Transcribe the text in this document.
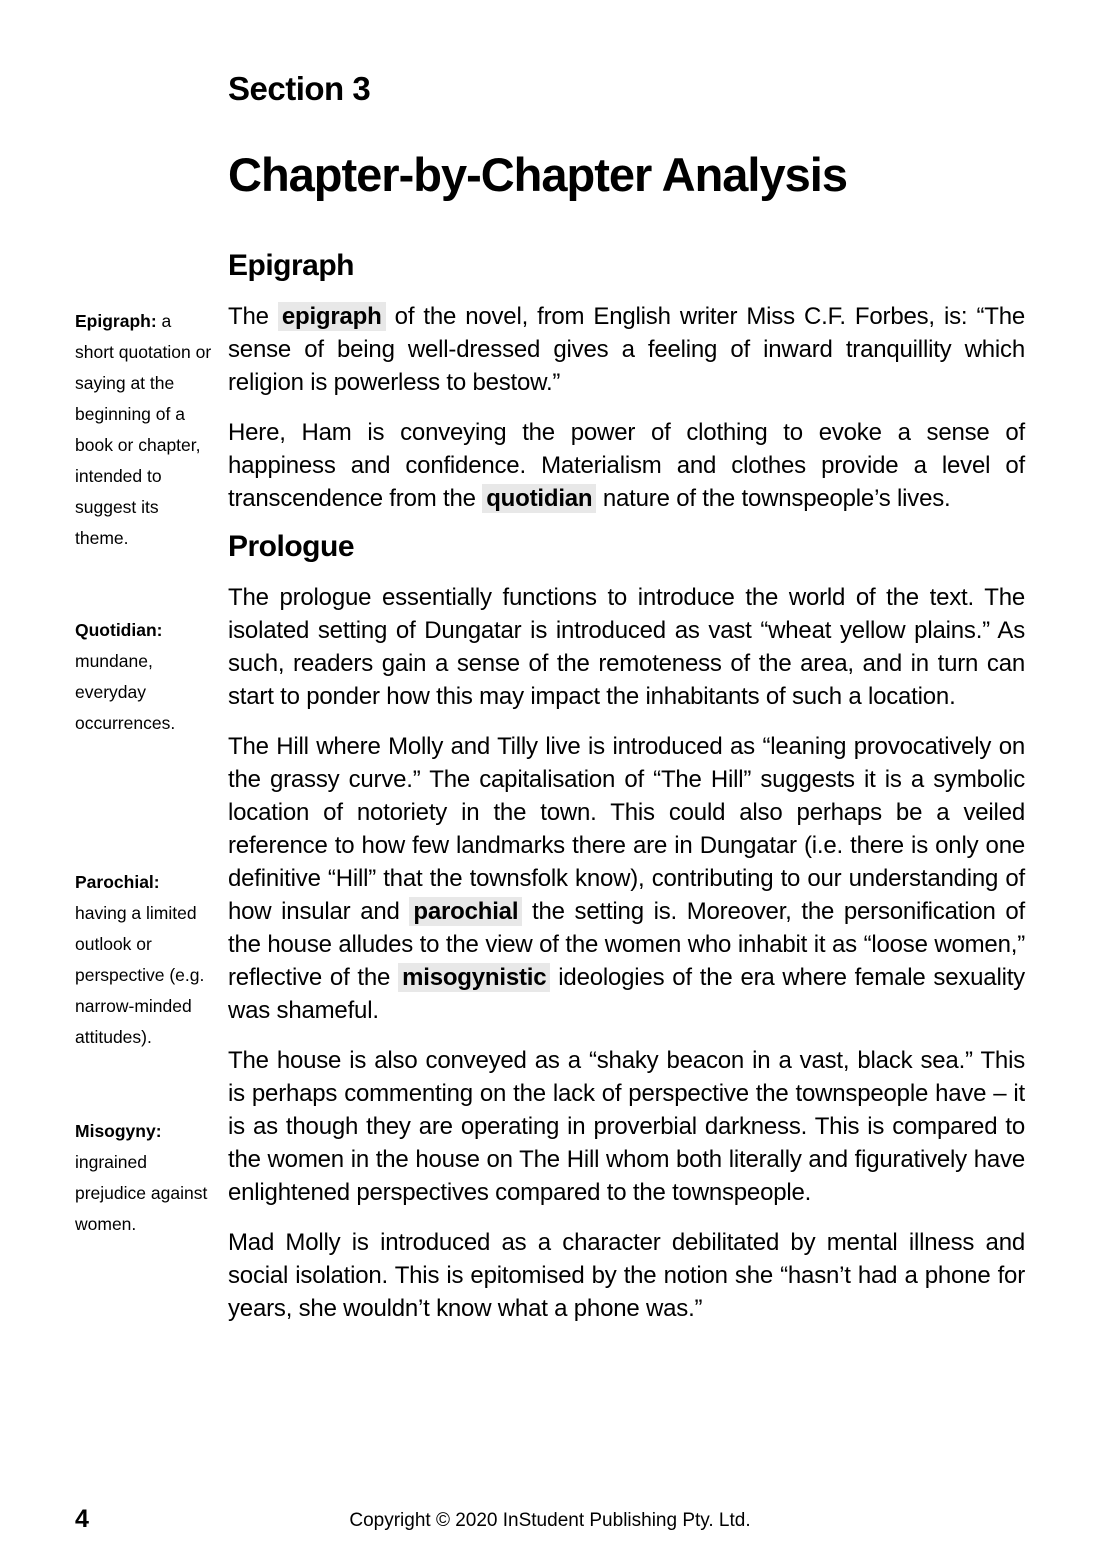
Epigraph: a short quotation or saying at the beginning of a book or chapter, intended to suggest its theme.
Quotidian: mundane, everyday occurrences.
Parochial: having a limited outlook or perspective (e.g. narrow-minded attitudes).
Misogyny: ingrained prejudice against women.
Section 3
Chapter-by-Chapter Analysis
Epigraph

The epigraph of the novel, from English writer Miss C.F. Forbes, is: “The sense of being well-dressed gives a feeling of inward tranquillity which religion is powerless to bestow.”

Here, Ham is conveying the power of clothing to evoke a sense of happiness and confidence. Materialism and clothes provide a level of transcendence from the quotidian nature of the townspeople’s lives.

Prologue

The prologue essentially functions to introduce the world of the text. The isolated setting of Dungatar is introduced as vast “wheat yellow plains.” As such, readers gain a sense of the remoteness of the area, and in turn can start to ponder how this may impact the inhabitants of such a location.

The Hill where Molly and Tilly live is introduced as “leaning provocatively on the grassy curve.” The capitalisation of “The Hill” suggests it is a symbolic location of notoriety in the town. This could also perhaps be a veiled reference to how few landmarks there are in Dungatar (i.e. there is only one definitive “Hill” that the townsfolk know), contributing to our understanding of how insular and parochial the setting is. Moreover, the personification of the house alludes to the view of the women who inhabit it as “loose women,” reflective of the misogynistic ideologies of the era where female sexuality was shameful.

The house is also conveyed as a “shaky beacon in a vast, black sea.” This is perhaps commenting on the lack of perspective the townspeople have – it is as though they are operating in proverbial darkness. This is compared to the women in the house on The Hill whom both literally and figuratively have enlightened perspectives compared to the townspeople.

Mad Molly is introduced as a character debilitated by mental illness and social isolation. This is epitomised by the notion she “hasn’t had a phone for years, she wouldn’t know what a phone was.”

4	Copyright © 2020 InStudent Publishing Pty. Ltd.
